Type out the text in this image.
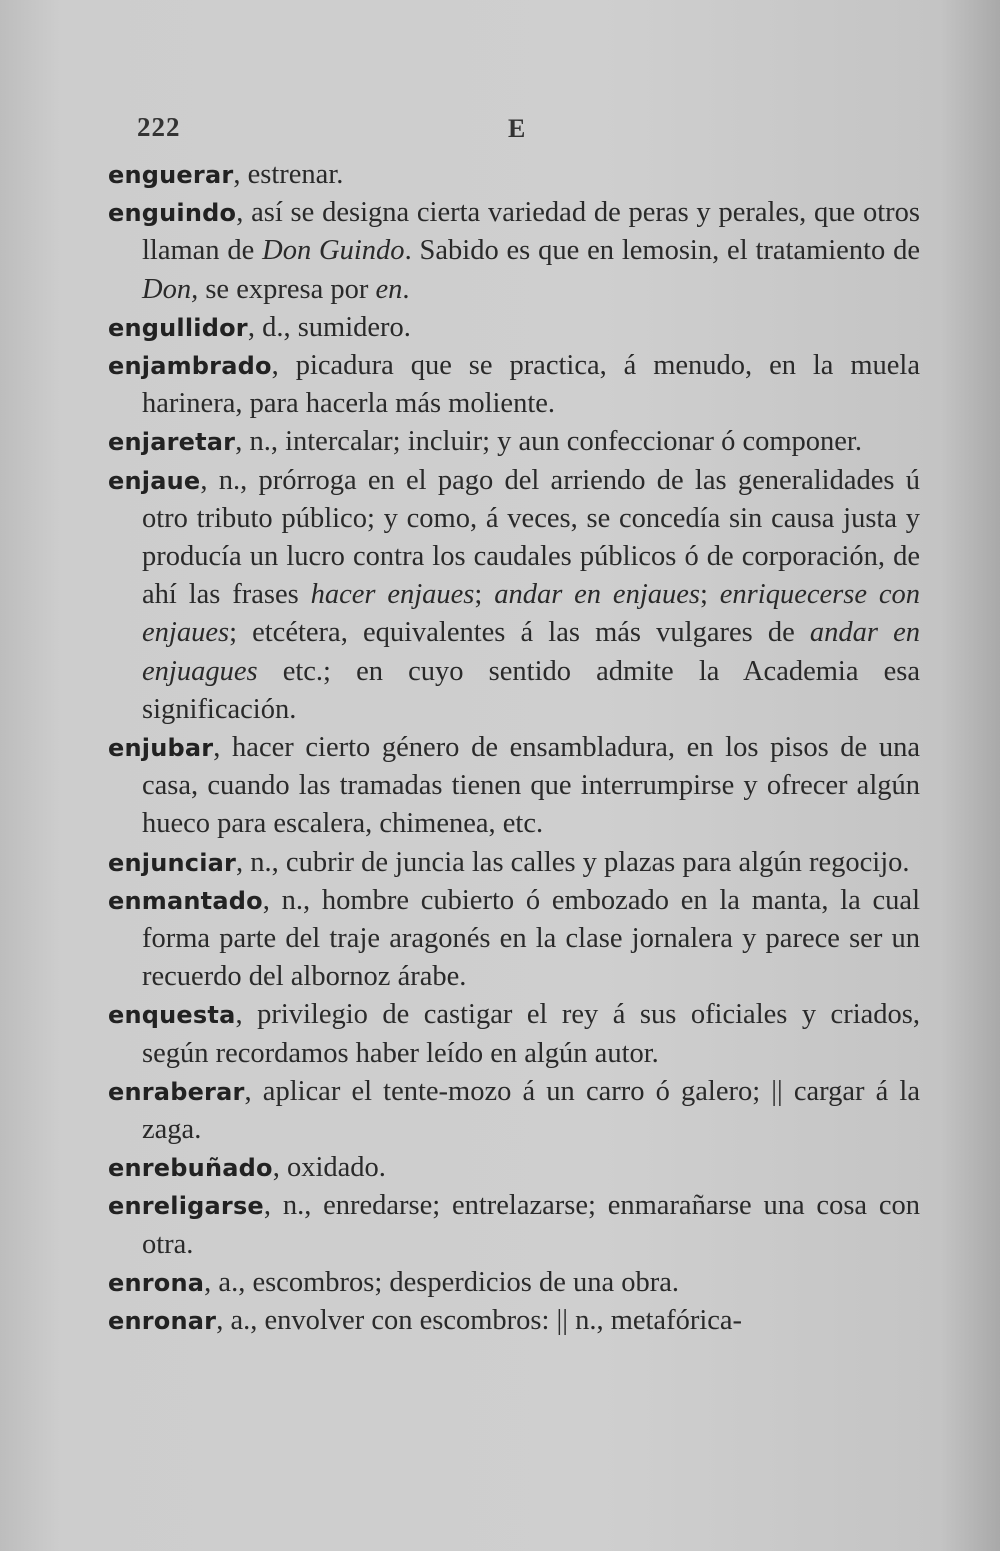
222	E

enguerar, estrenar.

enguindo, así se designa cierta variedad de peras y perales, que otros llaman de Don Guindo. Sabido es que en lemosin, el tratamiento de Don, se expresa por en.

engullidor, d., sumidero.

enjambrado, picadura que se practica, á menudo, en la muela harinera, para hacerla más moliente.

enjaretar, n., intercalar; incluir; y aun confeccionar ó componer.

enjaue, n., prórroga en el pago del arriendo de las generalidades ú otro tributo público; y como, á veces, se concedía sin causa justa y producía un lucro contra los caudales públicos ó de corporación, de ahí las frases hacer enjaues; andar en enjaues; enriquecerse con enjaues; etcétera, equivalentes á las más vulgares de andar en enjuagues etc.; en cuyo sentido admite la Academia esa significación.

enjubar, hacer cierto género de ensambladura, en los pisos de una casa, cuando las tramadas tienen que interrumpirse y ofrecer algún hueco para escalera, chimenea, etc.

enjunciar, n., cubrir de juncia las calles y plazas para algún regocijo.

enmantado, n., hombre cubierto ó embozado en la manta, la cual forma parte del traje aragonés en la clase jornalera y parece ser un recuerdo del albornoz árabe.

enquesta, privilegio de castigar el rey á sus oficiales y criados, según recordamos haber leído en algún autor.

enraberar, aplicar el tente-mozo á un carro ó galero; || cargar á la zaga.

enrebuñado, oxidado.

enreligarse, n., enredarse; entrelazarse; enmarañarse una cosa con otra.

enrona, a., escombros; desperdicios de una obra.

enronar, a., envolver con escombros: || n., metafórica-
